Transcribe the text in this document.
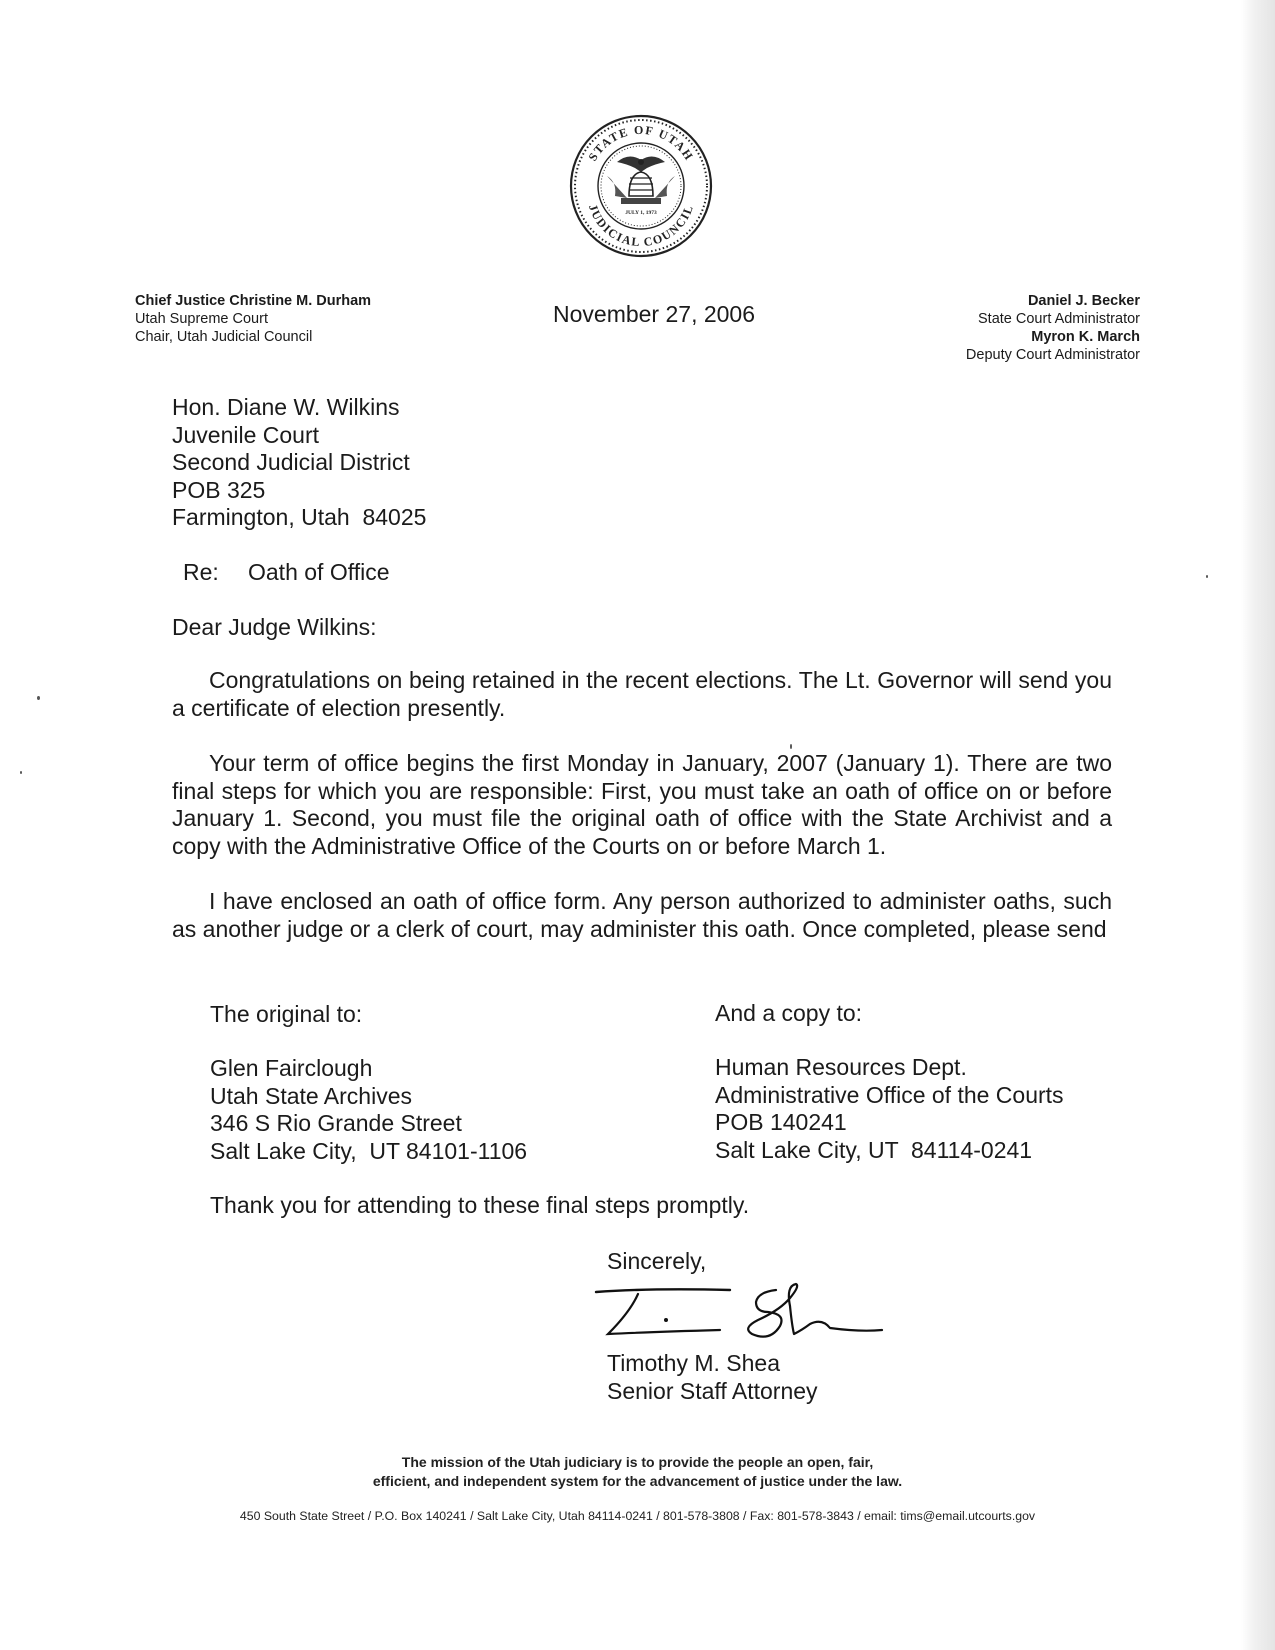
STATE OF UTAH
JUDICIAL COUNCIL
JULY 1, 1973
Chief Justice Christine M. Durham
Utah Supreme Court
Chair, Utah Judicial Council
November 27, 2006	Daniel J. Becker
State Court Administrator
Myron K. March
Deputy Court Administrator
Hon. Diane W. Wilkins
Juvenile Court
Second Judicial District
POB 325
Farmington, Utah  84025
Re: Oath of Office
Dear Judge Wilkins:
Congratulations on being retained in the recent elections. The Lt. Governor will send you a certificate of election presently.
Your term of office begins the first Monday in January, 2007 (January 1). There are two final steps for which you are responsible: First, you must take an oath of office on or before January 1. Second, you must file the original oath of office with the State Archivist and a copy with the Administrative Office of the Courts on or before March 1.
I have enclosed an oath of office form. Any person authorized to administer oaths, such as another judge or a clerk of court, may administer this oath. Once completed, please send
The original to:
Glen Fairclough
Utah State Archives
346 S Rio Grande Street
Salt Lake City,  UT 84101-1106
And a copy to:
Human Resources Dept.
Administrative Office of the Courts
POB 140241
Salt Lake City, UT  84114-0241
Thank you for attending to these final steps promptly.
Sincerely,
Timothy M. Shea
Senior Staff Attorney
The mission of the Utah judiciary is to provide the people an open, fair,
efficient, and independent system for the advancement of justice under the law.
450 South State Street / P.O. Box 140241 / Salt Lake City, Utah 84114-0241 / 801-578-3808 / Fax: 801-578-3843 / email: tims@email.utcourts.gov
